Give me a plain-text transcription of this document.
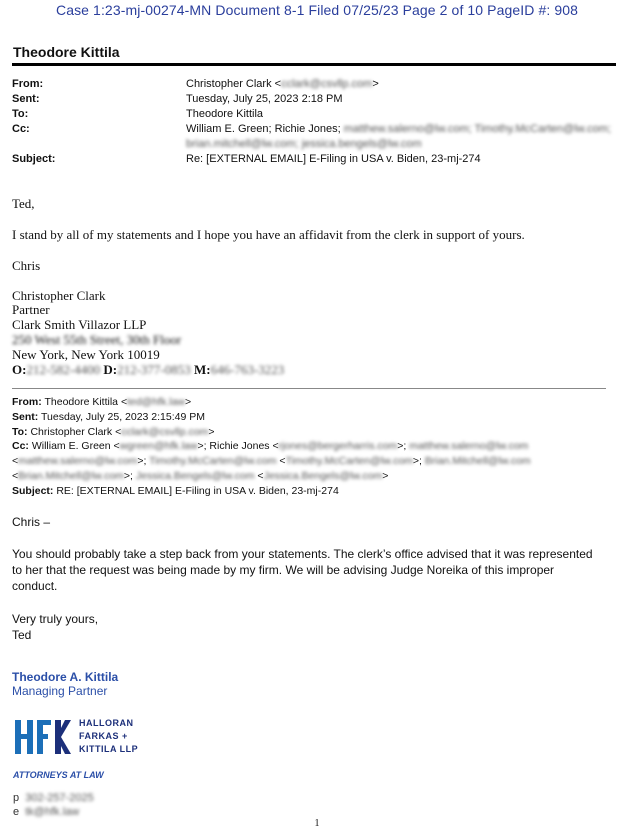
Case 1:23-mj-00274-MN Document 8-1 Filed 07/25/23 Page 2 of 10 PageID #: 908
Theodore Kittila
From:	Christopher Clark <cclark@csvllp.com>
Sent:	Tuesday, July 25, 2023 2:18 PM
To:	Theodore Kittila
Cc:	William E. Green; Richie Jones; matthew.salerno@lw.com; Timothy.McCarten@lw.com;
brian.mitchell@lw.com; jessica.bengels@lw.com
Subject:	Re: [EXTERNAL EMAIL] E-Filing in USA v. Biden, 23-mj-274
Ted,
I stand by all of my statements and I hope you have an affidavit from the clerk in support of yours.
Chris
Christopher Clark
Partner
Clark Smith Villazor LLP
250 West 55th Street, 30th Floor
New York, New York 10019
O:212-582-4400 D:212-377-0853 M:646-763-3223
From: Theodore Kittila <ted@hfk.law>
Sent: Tuesday, July 25, 2023 2:15:49 PM
To: Christopher Clark <cclark@csvllp.com>
Cc: William E. Green <wgreen@hfk.law>; Richie Jones <rjones@bergerharris.com>; matthew.salerno@lw.com
<matthew.salerno@lw.com>; Timothy.McCarten@lw.com <Timothy.McCarten@lw.com>; Brian.Mitchell@lw.com
<Brian.Mitchell@lw.com>; Jessica.Bengels@lw.com <Jessica.Bengels@lw.com>
Subject: RE: [EXTERNAL EMAIL] E-Filing in USA v. Biden, 23-mj-274
Chris –
You should probably take a step back from your statements. The clerk’s office advised that it was represented
to her that the request was being made by my firm. We will be advising Judge Noreika of this improper
conduct.
Very truly yours,
Ted
Theodore A. Kittila
Managing Partner
HALLORAN
FARKAS +
KITTILA LLP
ATTORNEYS AT LAW
p 302-257-2025
e tk@hfk.law
1
